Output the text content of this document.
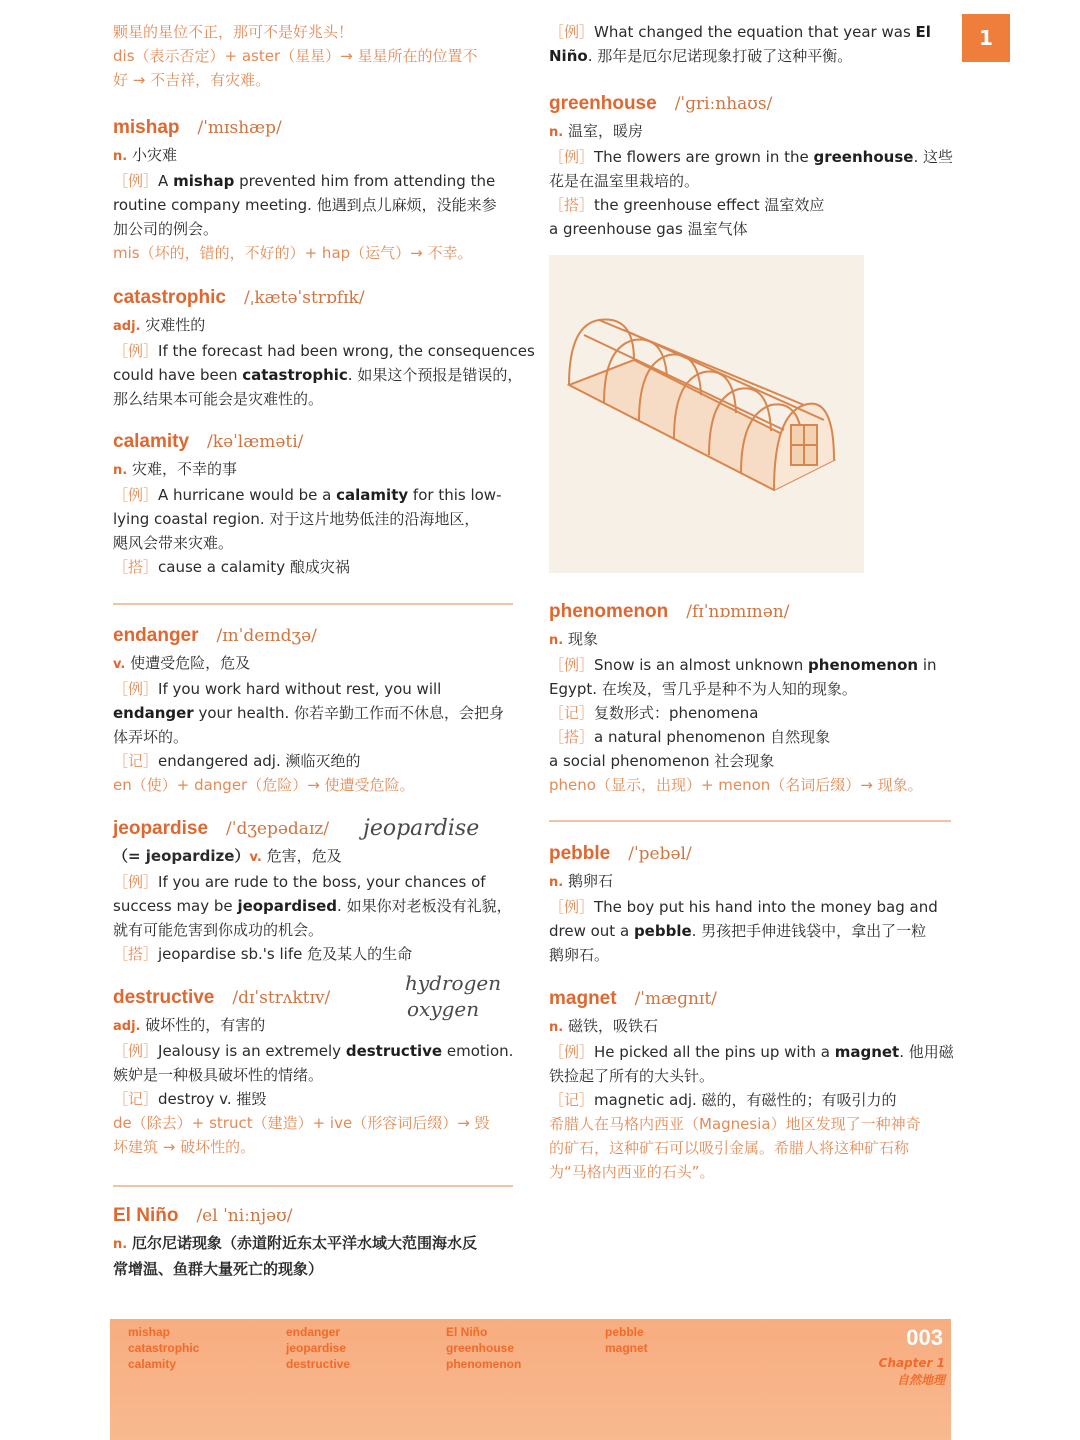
1
颗星的星位不正，那可不是好兆头！
dis（表示否定）+ aster（星星）→ 星星所在的位置不
好 → 不吉祥，有灾难。
mishap /ˈmɪshæp/
n. 小灾难
［例］A mishap prevented him from attending the
routine company meeting. 他遇到点儿麻烦，没能来参
加公司的例会。
mis（坏的，错的，不好的）+ hap（运气）→ 不幸。
catastrophic /ˌkætəˈstrɒfɪk/
adj. 灾难性的
［例］If the forecast had been wrong, the consequences
could have been catastrophic. 如果这个预报是错误的，
那么结果本可能会是灾难性的。
calamity /kəˈlæməti/
n. 灾难，不幸的事
［例］A hurricane would be a calamity for this low-
lying coastal region. 对于这片地势低洼的沿海地区，
飓风会带来灾难。
［搭］cause a calamity 酿成灾祸
endanger /ɪnˈdeɪndʒə/
v. 使遭受危险，危及
［例］If you work hard without rest, you will
endanger your health. 你若辛勤工作而不休息，会把身
体弄坏的。
［记］endangered adj. 濒临灭绝的
en（使）+ danger（危险）→ 使遭受危险。
jeopardise /ˈdʒepədaɪz/	jeopardise
（= jeopardize）v. 危害，危及
［例］If you are rude to the boss, your chances of
success may be jeopardised. 如果你对老板没有礼貌，
就有可能危害到你成功的机会。
［搭］jeopardise sb.'s life 危及某人的生命
destructive /dɪˈstrʌktɪv/
hydrogen
oxygen
adj. 破坏性的，有害的
［例］Jealousy is an extremely destructive emotion.
嫉妒是一种极具破坏性的情绪。
［记］destroy v. 摧毁
de（除去）+ struct（建造）+ ive（形容词后缀）→ 毁
坏建筑 → 破坏性的。
El Niño /el ˈniːnjəʊ/
n. 厄尔尼诺现象（赤道附近东太平洋水域大范围海水反
常增温、鱼群大量死亡的现象）
［例］What changed the equation that year was El
Niño. 那年是厄尔尼诺现象打破了这种平衡。
greenhouse /ˈɡriːnhaʊs/
n. 温室，暖房
［例］The flowers are grown in the greenhouse. 这些
花是在温室里栽培的。
［搭］the greenhouse effect 温室效应
a greenhouse gas 温室气体
phenomenon /fɪˈnɒmɪnən/
n. 现象
［例］Snow is an almost unknown phenomenon in
Egypt. 在埃及，雪几乎是种不为人知的现象。
［记］复数形式：phenomena
［搭］a natural phenomenon 自然现象
a social phenomenon 社会现象
pheno（显示，出现）+ menon（名词后缀）→ 现象。
pebble /ˈpebəl/
n. 鹅卵石
［例］The boy put his hand into the money bag and
drew out a pebble. 男孩把手伸进钱袋中，拿出了一粒
鹅卵石。
magnet /ˈmæɡnɪt/
n. 磁铁，吸铁石
［例］He picked all the pins up with a magnet. 他用磁
铁捡起了所有的大头针。
［记］magnetic adj. 磁的，有磁性的；有吸引力的
希腊人在马格内西亚（Magnesia）地区发现了一种神奇
的矿石，这种矿石可以吸引金属。希腊人将这种矿石称
为“马格内西亚的石头”。
mishap
catastrophic
calamity
endanger
jeopardise
destructive
El Niño
greenhouse
phenomenon
pebble
magnet	003
Chapter 1
自然地理
